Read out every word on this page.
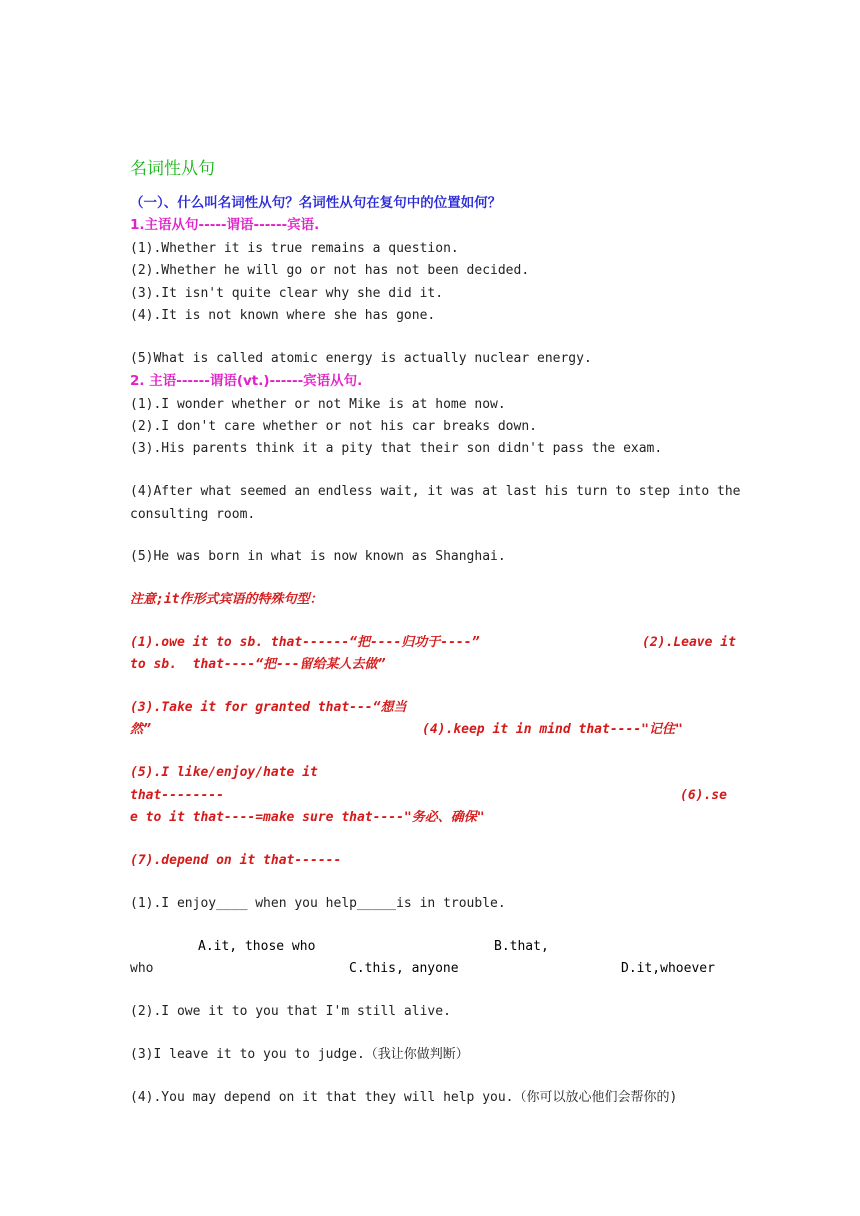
名词性从句
（一）、什么叫名词性从句？名词性从句在复句中的位置如何？
1.主语从句-----谓语------宾语.
(1).Whether it is true remains a question.
(2).Whether he will go or not has not been decided.
(3).It isn't quite clear why she did it.
(4).It is not known where she has gone.
(5)What is called atomic energy is actually nuclear energy.
2. 主语------谓语(vt.)------宾语从句.
(1).I wonder whether or not Mike is at home now.
(2).I don't care whether or not his car breaks down.
(3).His parents think it a pity that their son didn't pass the exam.
(4)After what seemed an endless wait, it was at last his turn to step into the
consulting room.
(5)He was born in what is now known as Shanghai.
注意;it作形式宾语的特殊句型：
(1).owe it to sb. that------“把----归功于----”	(2).Leave it
to sb.  that----“把---留给某人去做”
(3).Take it for granted that---“想当
然”	(4).keep it in mind that----"记住"
(5).I like/enjoy/hate it
that--------	(6).se
e to it that----=make sure that----"务必、确保"
(7).depend on it that------
(1).I enjoy____ when you help_____is in trouble.
A.it, those who	B.that,
who	C.this, anyone	D.it,whoever
(2).I owe it to you that I'm still alive.
(3)I leave it to you to judge.（我让你做判断）
(4).You may depend on it that they will help you.（你可以放心他们会帮你的)
